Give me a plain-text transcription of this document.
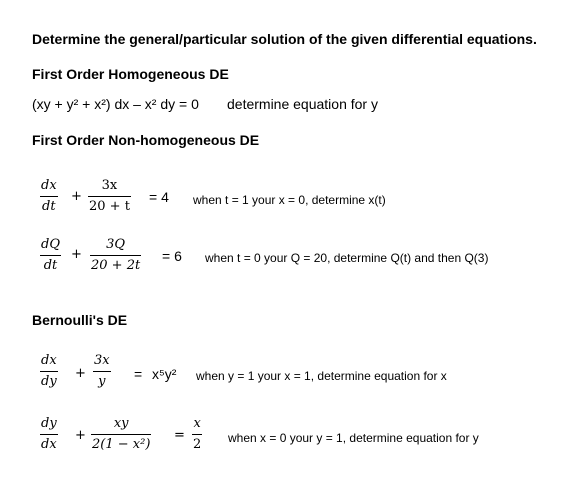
Determine the general/particular solution of the given differential equations.
First Order Homogeneous DE
(xy + y² + x²) dx – x² dy = 0 determine equation for y
First Order Non-homogeneous DE
dx
dt
+
3x
20 + t
= 4 when t = 1 your x = 0, determine x(t)
dQ
dt
+
3Q
20 + 2t
= 6 when t = 0 your Q = 20, determine Q(t) and then Q(3)
Bernoulli's DE
dx
dy
+
3x
y = x⁵y² when y = 1 your x = 1, determine equation for x
dy
dx
+
xy
2(1 − x²)
=
x
2 when x = 0 your y = 1, determine equation for y
